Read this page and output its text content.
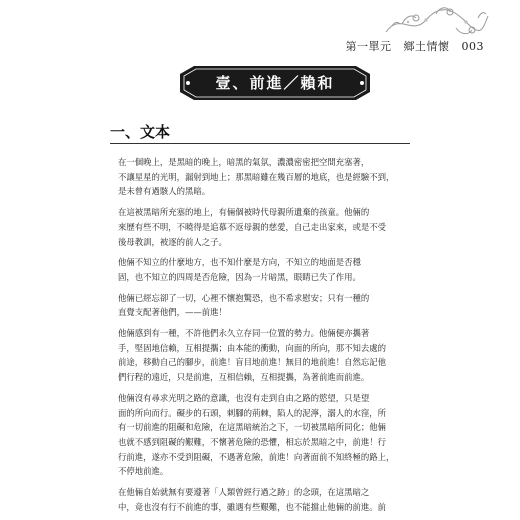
第一單元 鄉土情懷 003
壹、前進／賴和
一、文本
在一個晚上，是黑暗的晚上，暗黑的氣氛，濃濃密密把空間充塞著，
不讓星星的光明，漏射到地上；那黑暗雖在幾百層的地底，也是經驗不到，
是未曾有過駭人的黑暗。
在這被黑暗所充塞的地上，有倆個被時代母親所遺棄的孩童。他倆的
來歷有些不明，不曉得是追慕不返母親的慈愛，自己走出家來，或是不受
後母教訓，被逐的前人之子。
他倆不知立的什麼地方，也不知什麼是方向，不知立的地面是否穩
固，也不知立的四周是否危險，因為一片暗黑，眼睛已失了作用。
他倆已經忘卻了一切，心裡不懷抱驚恐，也不希求慰安；只有一種的
直覺支配著他們，——前進！
他倆感到有一種，不許他們永久立存同一位置的勢力。他倆便亦攜著
手，堅固地信賴，互相提攜；由本能的衝動，向面的所向，那不知去處的
前途，移動自己的腳步，前進！盲目地前進！無目的地前進！自然忘記他
們行程的遠近，只是前進，互相信賴，互相提攜，為著前進而前進。
他倆沒有尋求光明之路的意識，也沒有走到自由之路的慾望，只是望
面的所向而行。礙步的石頭，刺腳的荊棘，陷人的泥濘，溺人的水窪，所
有一切前進的阻礙和危險，在這黑暗統治之下，一切被黑暗所同化；他倆
也就不感到阻礙的艱難，不懷著危險的恐懼，相忘於黑暗之中，前進！行
行前進，遂亦不受到阻礙，不遇著危險，前進！向著面前不知終極的路上，
不停地前進。
在他倆自始就無有要遵著「人類曾經行過之跡」的念頭，在這黑暗之
中，竟也沒有行不前進的事，雖遇有些艱難，也不能擋止他倆的前進。前
